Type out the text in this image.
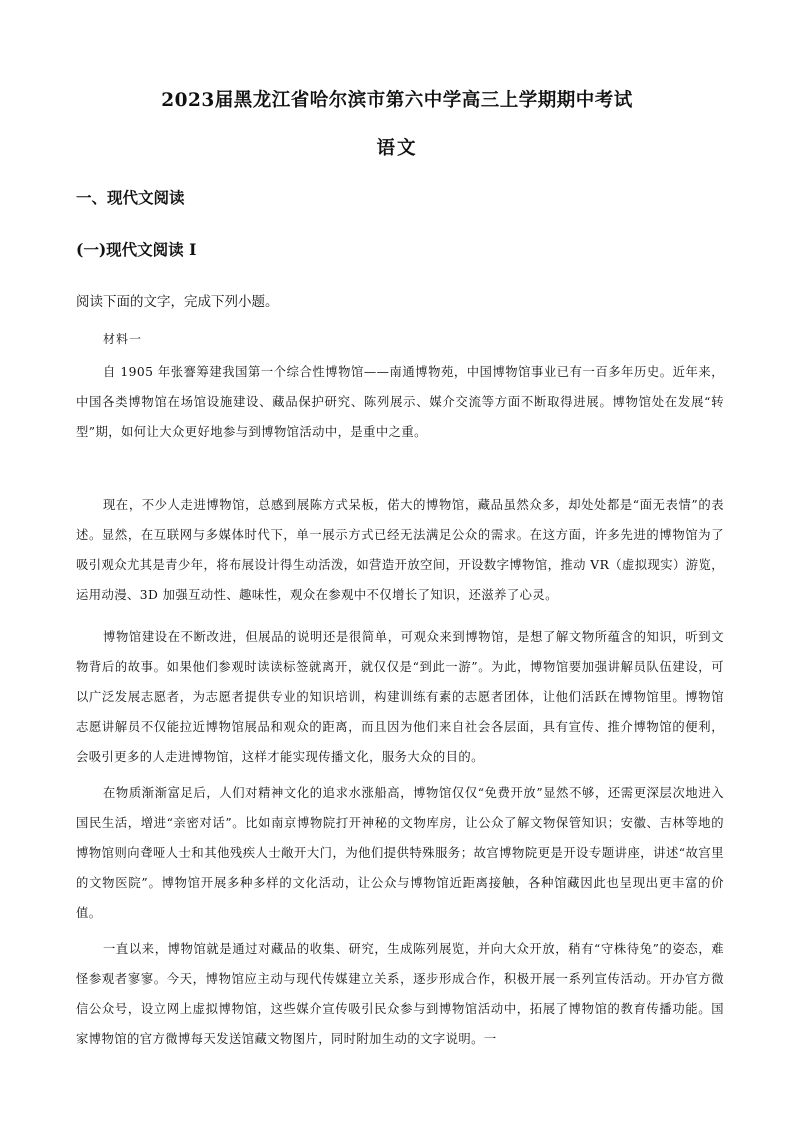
2023届黑龙江省哈尔滨市第六中学高三上学期期中考试
语文
一、现代文阅读
(一)现代文阅读 I
阅读下面的文字，完成下列小题。
材料一

自 1905 年张謇筹建我国第一个综合性博物馆——南通博物苑，中国博物馆事业已有一百多年历史。近年来，中国各类博物馆在场馆设施建设、藏品保护研究、陈列展示、媒介交流等方面不断取得进展。博物馆处在发展“转型”期，如何让大众更好地参与到博物馆活动中，是重中之重。

现在，不少人走进博物馆，总感到展陈方式呆板，偌大的博物馆，藏品虽然众多，却处处都是“面无表情”的表述。显然，在互联网与多媒体时代下，单一展示方式已经无法满足公众的需求。在这方面，许多先进的博物馆为了吸引观众尤其是青少年，将布展设计得生动活泼，如营造开放空间，开设数字博物馆，推动 VR（虚拟现实）游览，运用动漫、3D 加强互动性、趣味性，观众在参观中不仅增长了知识，还滋养了心灵。

博物馆建设在不断改进，但展品的说明还是很简单，可观众来到博物馆，是想了解文物所蕴含的知识，听到文物背后的故事。如果他们参观时读读标签就离开，就仅仅是“到此一游”。为此，博物馆要加强讲解员队伍建设，可以广泛发展志愿者，为志愿者提供专业的知识培训，构建训练有素的志愿者团体，让他们活跃在博物馆里。博物馆志愿讲解员不仅能拉近博物馆展品和观众的距离，而且因为他们来自社会各层面，具有宣传、推介博物馆的便利，会吸引更多的人走进博物馆，这样才能实现传播文化，服务大众的目的。

在物质渐渐富足后，人们对精神文化的追求水涨船高，博物馆仅仅“免费开放”显然不够，还需更深层次地进入国民生活，增进“亲密对话”。比如南京博物院打开神秘的文物库房，让公众了解文物保管知识；安徽、吉林等地的博物馆则向聋哑人士和其他残疾人士敞开大门，为他们提供特殊服务；故宫博物院更是开设专题讲座，讲述“故宫里的文物医院”。博物馆开展多种多样的文化活动，让公众与博物馆近距离接触，各种馆藏因此也呈现出更丰富的价值。

一直以来，博物馆就是通过对藏品的收集、研究，生成陈列展览，并向大众开放，稍有“守株待兔”的姿态，难怪参观者寥寥。今天，博物馆应主动与现代传媒建立关系，逐步形成合作，积极开展一系列宣传活动。开办官方微信公众号，设立网上虚拟博物馆，这些媒介宣传吸引民众参与到博物馆活动中，拓展了博物馆的教育传播功能。国家博物馆的官方微博每天发送馆藏文物图片，同时附加生动的文字说明。一
